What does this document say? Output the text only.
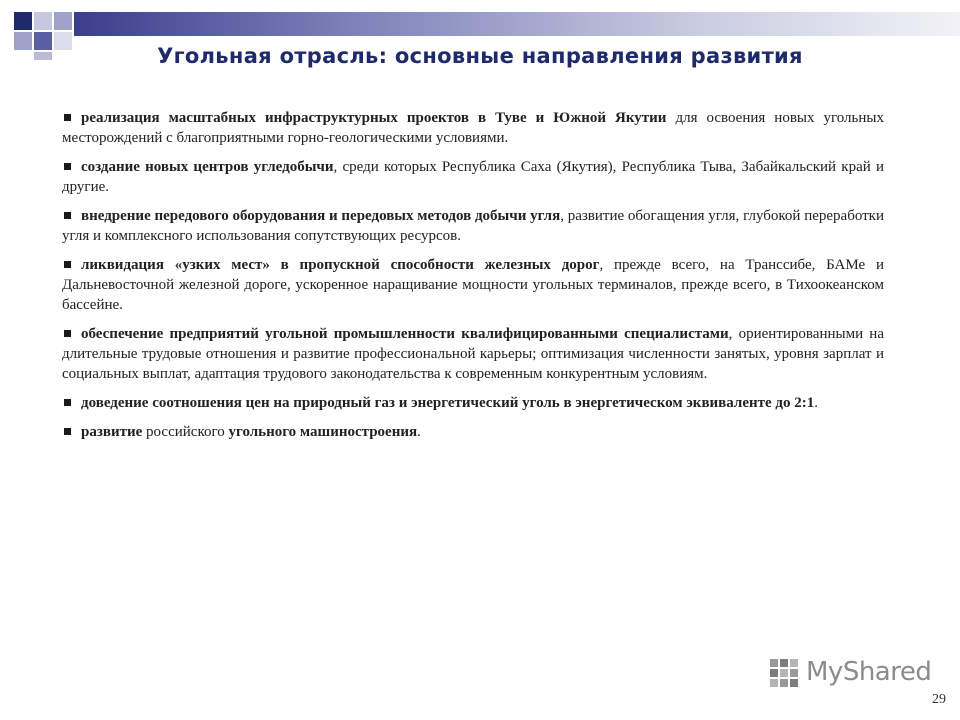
Угольная отрасль: основные направления развития

реализация масштабных инфраструктурных проектов в Туве и Южной Якутии для освоения новых угольных месторождений с благоприятными горно-геологическими условиями.

создание новых центров угледобычи, среди которых Республика Саха (Якутия), Республика Тыва, Забайкальский край и другие.

внедрение передового оборудования и передовых методов добычи угля, развитие обогащения угля, глубокой переработки угля и комплексного использования сопутствующих ресурсов.

ликвидация «узких мест» в пропускной способности железных дорог, прежде всего, на Транссибе, БАМе и Дальневосточной железной дороге, ускоренное наращивание мощности угольных терминалов, прежде всего, в Тихоокеанском бассейне.

обеспечение предприятий угольной промышленности квалифицированными специалистами, ориентированными на длительные трудовые отношения и развитие профессиональной карьеры; оптимизация численности занятых, уровня зарплат и социальных выплат, адаптация трудового законодательства к современным конкурентным условиям.

доведение соотношения цен на природный газ и энергетический уголь в энергетическом эквиваленте до 2:1.

развитие российского угольного машиностроения.

MyShared
29
